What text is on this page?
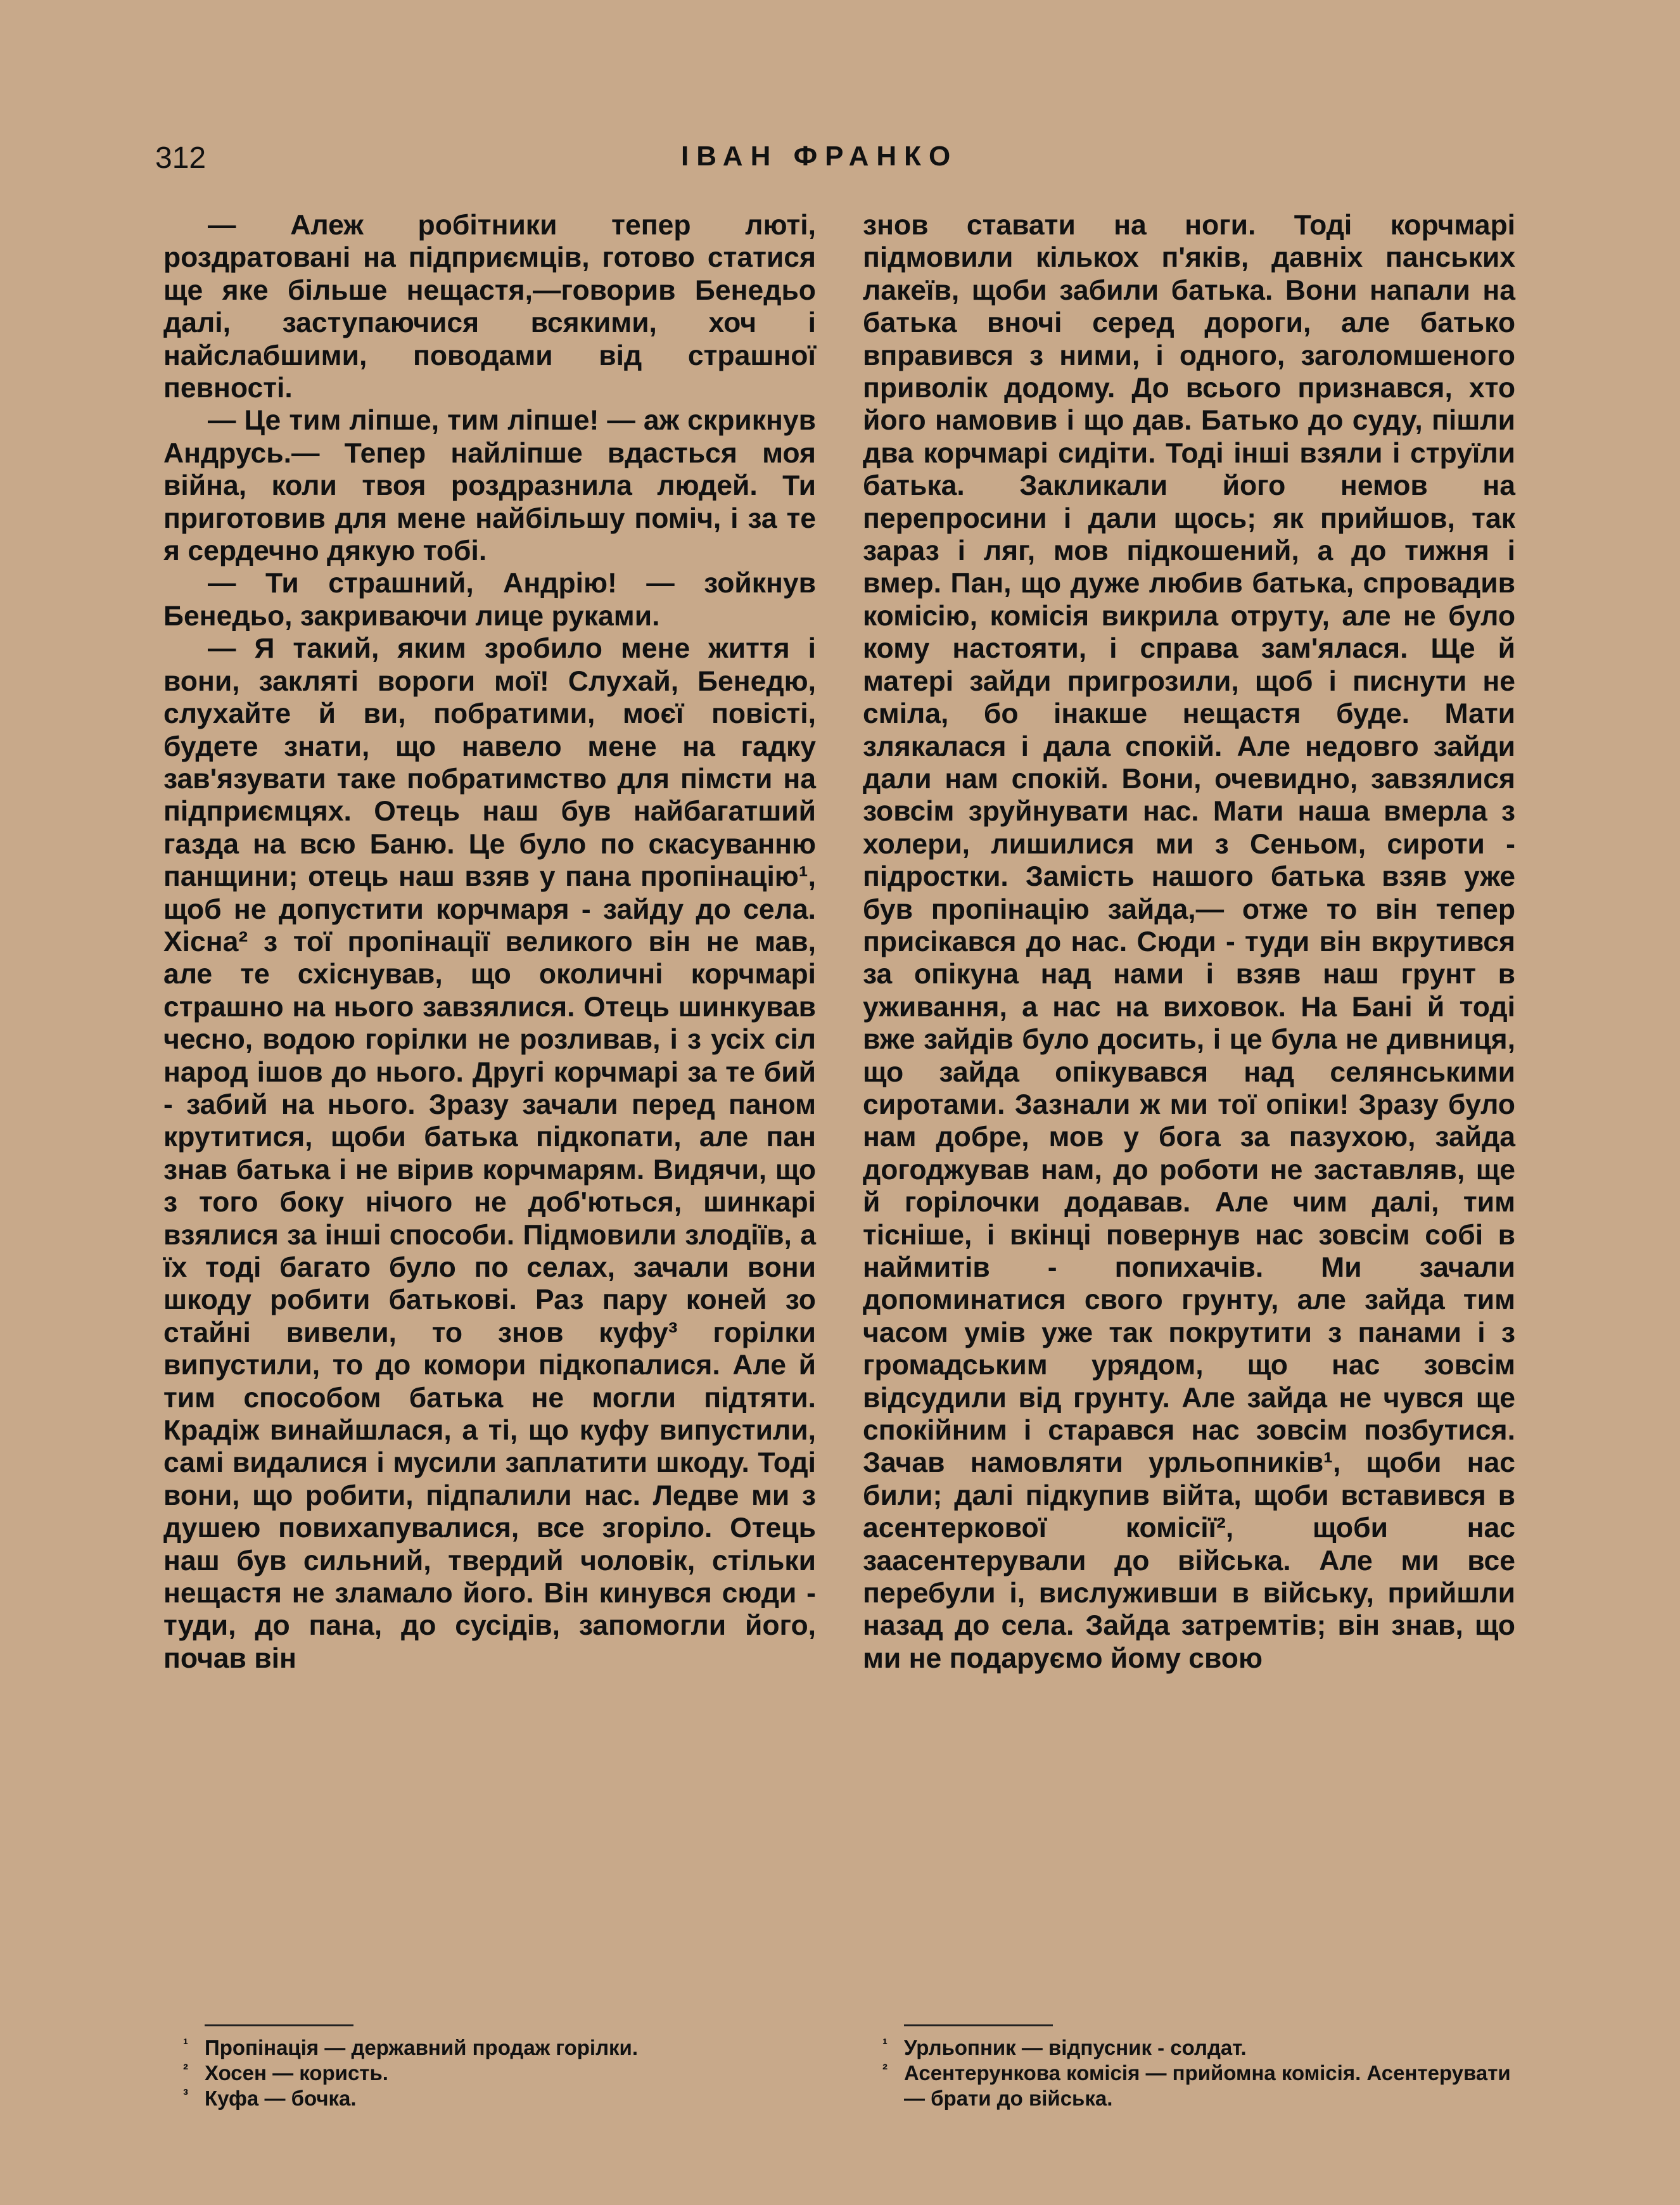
312	ІВАН ФРАНКО

— Алеж робітники тепер люті, роздратовані на підприємців, готово статися ще яке більше нещастя,—говорив Бенедьо далі, заступаючися всякими, хоч і найслабшими, поводами від страшної певності.

— Це тим ліпше, тим ліпше! — аж скрикнув Андрусь.— Тепер найліпше вдасться моя війна, коли твоя роздразнила людей. Ти приготовив для мене найбільшу поміч, і за те я сердечно дякую тобі.

— Ти страшний, Андрію! — зойкнув Бенедьо, закриваючи лице руками.

— Я такий, яким зробило мене життя і вони, закляті вороги мої! Слухай, Бенедю, слухайте й ви, побратими, моєї повісті, будете знати, що навело мене на гадку зав'язувати таке побратимство для пімсти на підприємцях. Отець наш був найбагатший газда на всю Баню. Це було по скасуванню панщини; отець наш взяв у пана пропінацію¹, щоб не допустити корчмаря - зайду до села. Хісна² з тої пропінації великого він не мав, але те схіснував, що околичні корчмарі страшно на нього завзялися. Отець шинкував чесно, водою горілки не розливав, і з усіх сіл народ ішов до нього. Другі корчмарі за те бий - забий на нього. Зразу зачали перед паном крутитися, щоби батька підкопати, але пан знав батька і не вірив корчмарям. Видячи, що з того боку нічого не доб'ються, шинкарі взялися за інші способи. Підмовили злодіїв, а їх тоді багато було по селах, зачали вони шкоду робити батькові. Раз пару коней зо стайні вивели, то знов куфу³ горілки випустили, то до комори підкопалися. Але й тим способом батька не могли підтяти. Крадіж винайшлася, а ті, що куфу випустили, самі видалися і мусили заплатити шкоду. Тоді вони, що робити, підпалили нас. Ледве ми з душею повихапувалися, все згоріло. Отець наш був сильний, твердий чоловік, стільки нещастя не зламало його. Він кинувся сюди - туди, до пана, до сусідів, запомогли його, почав він

знов ставати на ноги. Тоді корчмарі підмовили кількох п'яків, давніх панських лакеїв, щоби забили батька. Вони напали на батька вночі серед дороги, але батько вправився з ними, і одного, заголомшеного приволік додому. До всього признався, хто його намовив і що дав. Батько до суду, пішли два корчмарі сидіти. Тоді інші взяли і струїли батька. Закликали його немов на перепросини і дали щось; як прийшов, так зараз і ляг, мов підкошений, а до тижня і вмер. Пан, що дуже любив батька, спровадив комісію, комісія викрила отруту, але не було кому настояти, і справа зам'ялася. Ще й матері зайди пригрозили, щоб і писнути не сміла, бо інакше нещастя буде. Мати злякалася і дала спокій. Але недовго зайди дали нам спокій. Вони, очевидно, завзялися зовсім зруйнувати нас. Мати наша вмерла з холери, лишилися ми з Сеньом, сироти - підростки. Замість нашого батька взяв уже був пропінацію зайда,— отже то він тепер присікався до нас. Сюди - туди він вкрутився за опікуна над нами і взяв наш грунт в уживання, а нас на виховок. На Бані й тоді вже зайдів було досить, і це була не дивниця, що зайда опікувався над селянськими сиротами. Зазнали ж ми тої опіки! Зразу було нам добре, мов у бога за пазухою, зайда догоджував нам, до роботи не заставляв, ще й горілочки додавав. Але чим далі, тим тісніше, і вкінці повернув нас зовсім собі в наймитів - попихачів. Ми зачали допоминатися свого грунту, але зайда тим часом умів уже так покрутити з панами і з громадським урядом, що нас зовсім відсудили від грунту. Але зайда не чувся ще спокійним і старався нас зовсім позбутися. Зачав намовляти урльопників¹, щоби нас били; далі підкупив війта, щоби вставився в асентеркової комісії², щоби нас заасентерували до війська. Але ми все перебули і, вислуживши в війську, прийшли назад до села. Зайда затремтів; він знав, що ми не подаруємо йому свою

¹ Пропінація — державний продаж горілки.

² Хосен — користь.

³ Куфа — бочка.

¹ Урльопник — відпусник - солдат.

² Асентерункова комісія — прийомна комісія. Асентерувати — брати до війська.
